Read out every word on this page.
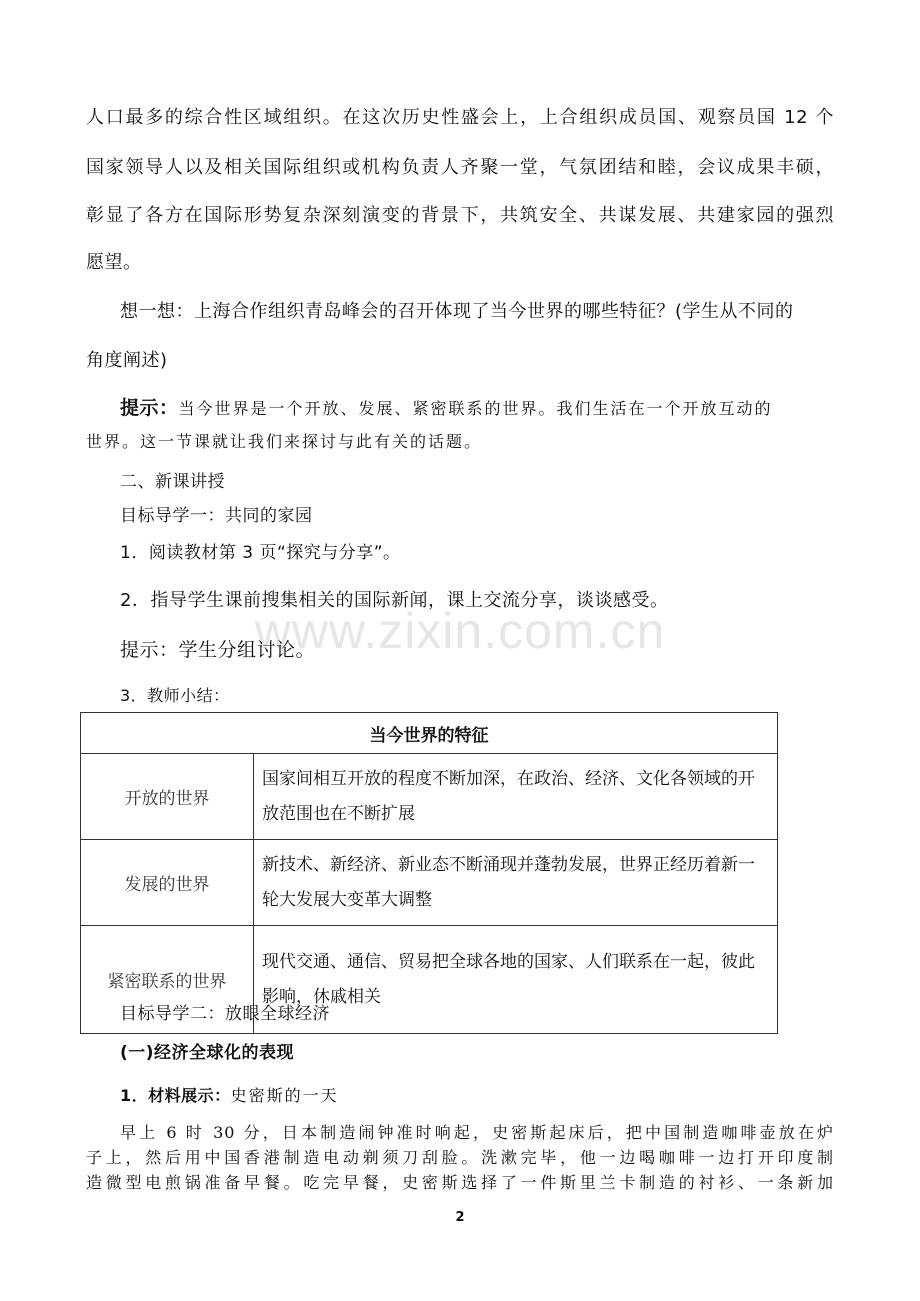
www.zixin.com.cn
人口最多的综合性区域组织。在这次历史性盛会上，上合组织成员国、观察员国 12 个
国家领导人以及相关国际组织或机构负责人齐聚一堂，气氛团结和睦，会议成果丰硕，
彰显了各方在国际形势复杂深刻演变的背景下，共筑安全、共谋发展、共建家园的强烈
愿望。
想一想：上海合作组织青岛峰会的召开体现了当今世界的哪些特征？(学生从不同的
角度阐述)
提示：当今世界是一个开放、发展、紧密联系的世界。我们生活在一个开放互动的
世界。这一节课就让我们来探讨与此有关的话题。
二、新课讲授
目标导学一：共同的家园
1．阅读教材第 3 页“探究与分享”。
2．指导学生课前搜集相关的国际新闻，课上交流分享，谈谈感受。
提示：学生分组讨论。
3．教师小结：
当今世界的特征	
开放的世界	国家间相互开放的程度不断加深，在政治、经济、文化各领域的开放范围也在不断扩展
发展的世界	新技术、新经济、新业态不断涌现并蓬勃发展，世界正经历着新一轮大发展大变革大调整
紧密联系的世界	现代交通、通信、贸易把全球各地的国家、人们联系在一起，彼此影响，休戚相关
目标导学二：放眼全球经济
(一)经济全球化的表现
1．材料展示：史密斯的一天
早上 6 时 30 分，日本制造闹钟准时响起，史密斯起床后，把中国制造咖啡壶放在炉
子上，然后用中国香港制造电动剃须刀刮脸。洗漱完毕，他一边喝咖啡一边打开印度制
造微型电煎锅准备早餐。吃完早餐，史密斯选择了一件斯里兰卡制造的衬衫、一条新加
2
